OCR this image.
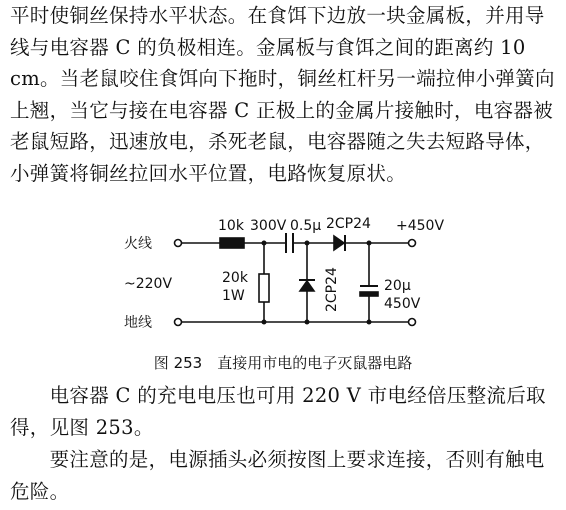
平时使铜丝保持水平状态。在食饵下边放一块金属板，并用导线与电容器 C 的负极相连。金属板与食饵之间的距离约 10 cm。当老鼠咬住食饵向下拖时，铜丝杠杆另一端拉伸小弹簧向上翘，当它与接在电容器 C 正极上的金属片接触时，电容器被老鼠短路，迅速放电，杀死老鼠，电容器随之失去短路导体，小弹簧将铜丝拉回水平位置，电路恢复原状。

火线
~220V
地线
10k 300V 0.5μ 2CP24 +450V
20k
1W
20μ
450V
2CP24
图 253　直接用市电的电子灭鼠器电路

　　电容器 C 的充电电压也可用 220 V 市电经倍压整流后取得，见图 253。

　　要注意的是，电源插头必须按图上要求连接，否则有触电危险。
